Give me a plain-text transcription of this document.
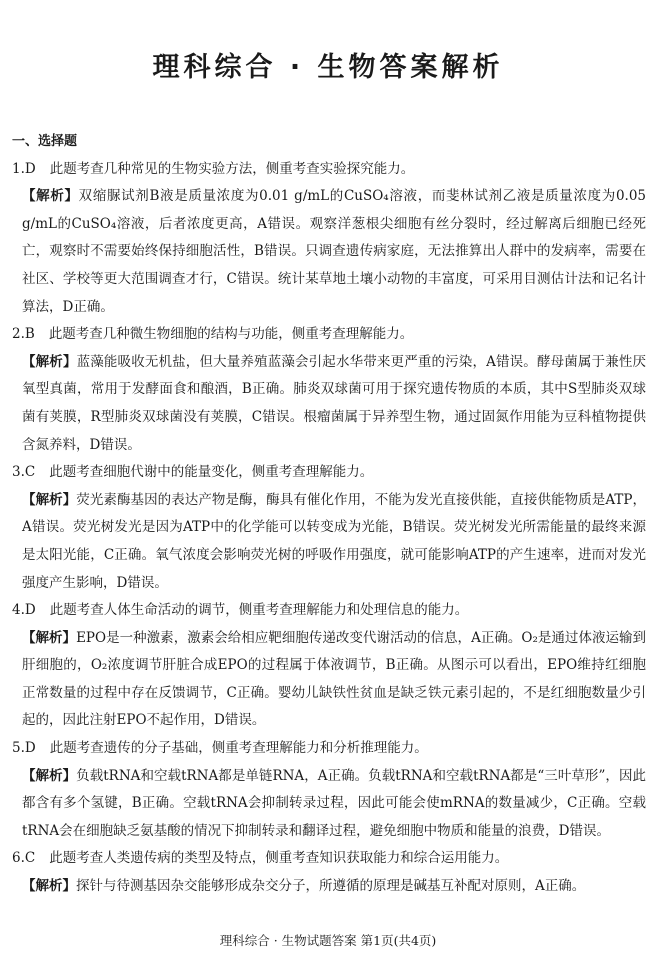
理科综合 · 生物答案解析

一、选择题

1.D 此题考查几种常见的生物实验方法，侧重考查实验探究能力。

【解析】双缩脲试剂B液是质量浓度为0.01 g/mL的CuSO₄溶液，而斐林试剂乙液是质量浓度为0.05 g/mL的CuSO₄溶液，后者浓度更高，A错误。观察洋葱根尖细胞有丝分裂时，经过解离后细胞已经死亡，观察时不需要始终保持细胞活性，B错误。只调查遗传病家庭，无法推算出人群中的发病率，需要在社区、学校等更大范围调查才行，C错误。统计某草地土壤小动物的丰富度，可采用目测估计法和记名计算法，D正确。

2.B 此题考查几种微生物细胞的结构与功能，侧重考查理解能力。

【解析】蓝藻能吸收无机盐，但大量养殖蓝藻会引起水华带来更严重的污染，A错误。酵母菌属于兼性厌氧型真菌，常用于发酵面食和酿酒，B正确。肺炎双球菌可用于探究遗传物质的本质，其中S型肺炎双球菌有荚膜，R型肺炎双球菌没有荚膜，C错误。根瘤菌属于异养型生物，通过固氮作用能为豆科植物提供含氮养料，D错误。

3.C 此题考查细胞代谢中的能量变化，侧重考查理解能力。

【解析】荧光素酶基因的表达产物是酶，酶具有催化作用，不能为发光直接供能，直接供能物质是ATP，A错误。荧光树发光是因为ATP中的化学能可以转变成为光能，B错误。荧光树发光所需能量的最终来源是太阳光能，C正确。氧气浓度会影响荧光树的呼吸作用强度，就可能影响ATP的产生速率，进而对发光强度产生影响，D错误。

4.D 此题考查人体生命活动的调节，侧重考查理解能力和处理信息的能力。

【解析】EPO是一种激素，激素会给相应靶细胞传递改变代谢活动的信息，A正确。O₂是通过体液运输到肝细胞的，O₂浓度调节肝脏合成EPO的过程属于体液调节，B正确。从图示可以看出，EPO维持红细胞正常数量的过程中存在反馈调节，C正确。婴幼儿缺铁性贫血是缺乏铁元素引起的，不是红细胞数量少引起的，因此注射EPO不起作用，D错误。

5.D 此题考查遗传的分子基础，侧重考查理解能力和分析推理能力。

【解析】负载tRNA和空载tRNA都是单链RNA，A正确。负载tRNA和空载tRNA都是“三叶草形”，因此都含有多个氢键，B正确。空载tRNA会抑制转录过程，因此可能会使mRNA的数量减少，C正确。空载tRNA会在细胞缺乏氨基酸的情况下抑制转录和翻译过程，避免细胞中物质和能量的浪费，D错误。

6.C 此题考查人类遗传病的类型及特点，侧重考查知识获取能力和综合运用能力。

【解析】探针与待测基因杂交能够形成杂交分子，所遵循的原理是碱基互补配对原则，A正确。

理科综合 · 生物试题答案 第1页(共4页)
